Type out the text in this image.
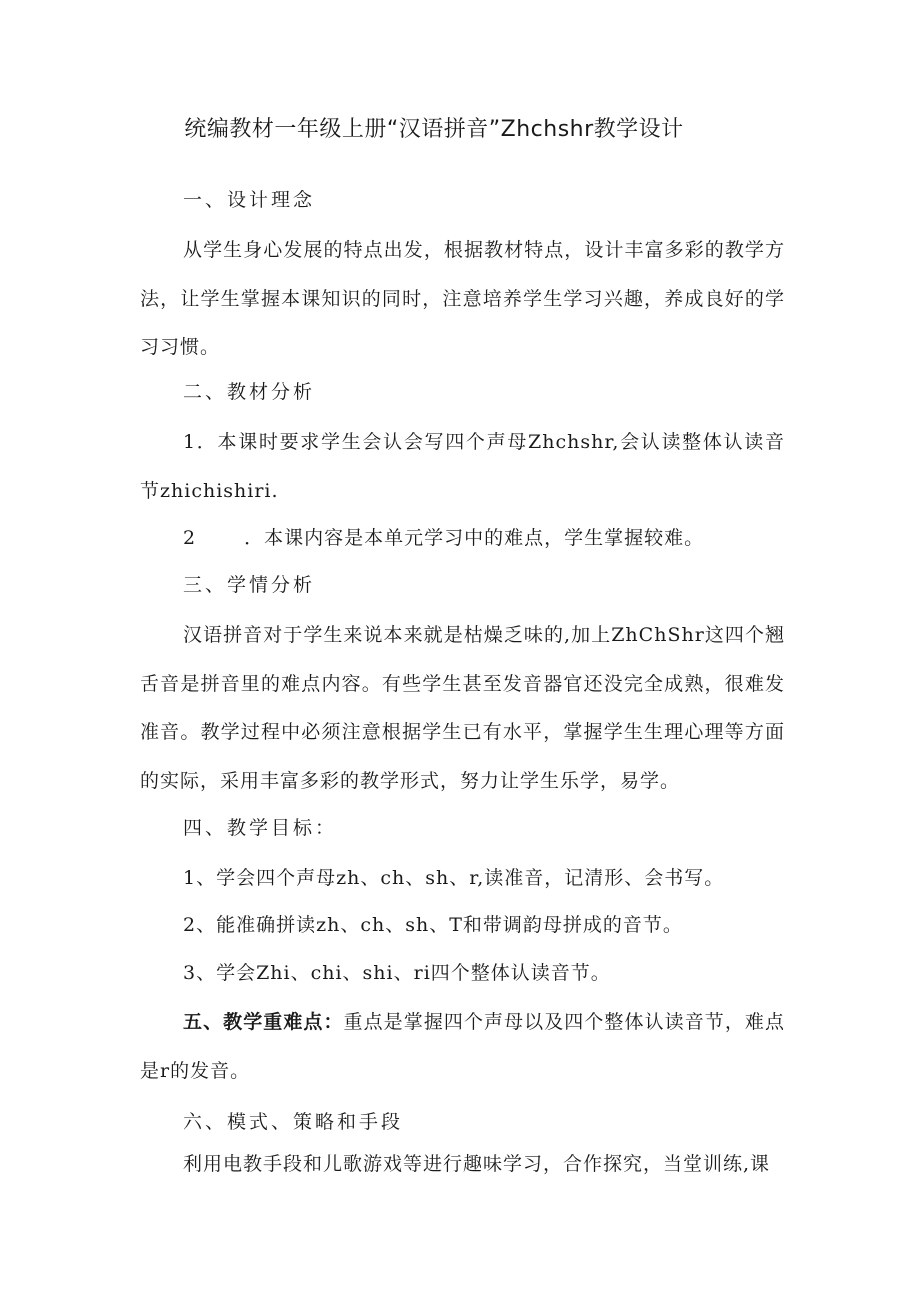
统编教材一年级上册“汉语拼音”Zhchshr教学设计
一、设计理念
从学生身心发展的特点出发，根据教材特点，设计丰富多彩的教学方法，让学生掌握本课知识的同时，注意培养学生学习兴趣，养成良好的学习习惯。
二、教材分析
1．本课时要求学生会认会写四个声母Zhchshr,会认读整体认读音节zhichishiri.
2	．本课内容是本单元学习中的难点，学生掌握较难。
三、学情分析
汉语拼音对于学生来说本来就是枯燥乏味的,加上ZhChShr这四个翘舌音是拼音里的难点内容。有些学生甚至发音器官还没完全成熟，很难发准音。教学过程中必须注意根据学生已有水平，掌握学生生理心理等方面的实际，采用丰富多彩的教学形式，努力让学生乐学，易学。
四、教学目标：
1、学会四个声母zh、ch、sh、r,读准音，记清形、会书写。
2、能准确拼读zh、ch、sh、T和带调韵母拼成的音节。
3、学会Zhi、chi、shi、ri四个整体认读音节。
五、教学重难点：重点是掌握四个声母以及四个整体认读音节，难点是r的发音。
六、模式、策略和手段
利用电教手段和儿歌游戏等进行趣味学习，合作探究，当堂训练,课
